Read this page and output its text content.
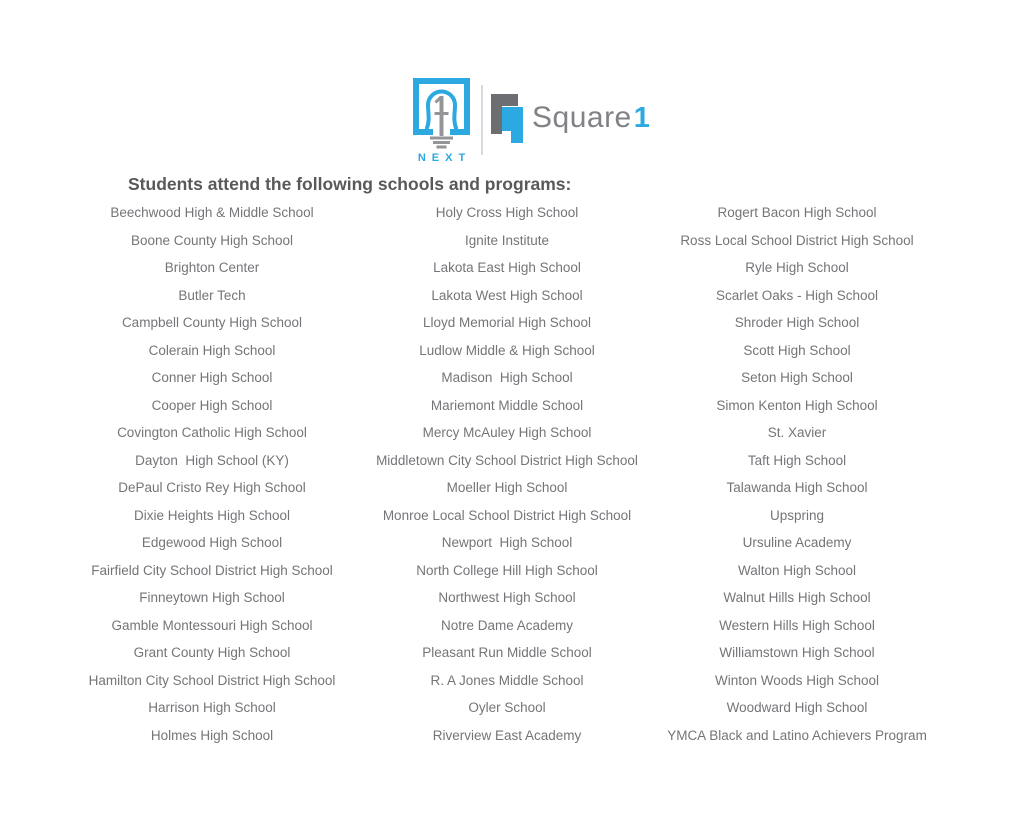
NEXT
Square 1
Students attend the following schools and programs:
Beechwood High & Middle School	Holy Cross High School	Rogert Bacon High School
Boone County High School	Ignite Institute	Ross Local School District High School
Brighton Center	Lakota East High School	Ryle High School
Butler Tech	Lakota West High School	Scarlet Oaks - High School
Campbell County High School	Lloyd Memorial High School	Shroder High School
Colerain High School	Ludlow Middle & High School	Scott High School
Conner High School	Madison  High School	Seton High School
Cooper High School	Mariemont Middle School	Simon Kenton High School
Covington Catholic High School	Mercy McAuley High School	St. Xavier
Dayton  High School (KY)	Middletown City School District High School	Taft High School
DePaul Cristo Rey High School	Moeller High School	Talawanda High School
Dixie Heights High School	Monroe Local School District High School	Upspring
Edgewood High School	Newport  High School	Ursuline Academy
Fairfield City School District High School	North College Hill High School	Walton High School
Finneytown High School	Northwest High School	Walnut Hills High School
Gamble Montessouri High School	Notre Dame Academy	Western Hills High School
Grant County High School	Pleasant Run Middle School	Williamstown High School
Hamilton City School District High School	R. A Jones Middle School	Winton Woods High School
Harrison High School	Oyler School	Woodward High School
Holmes High School	Riverview East Academy	YMCA Black and Latino Achievers Program
